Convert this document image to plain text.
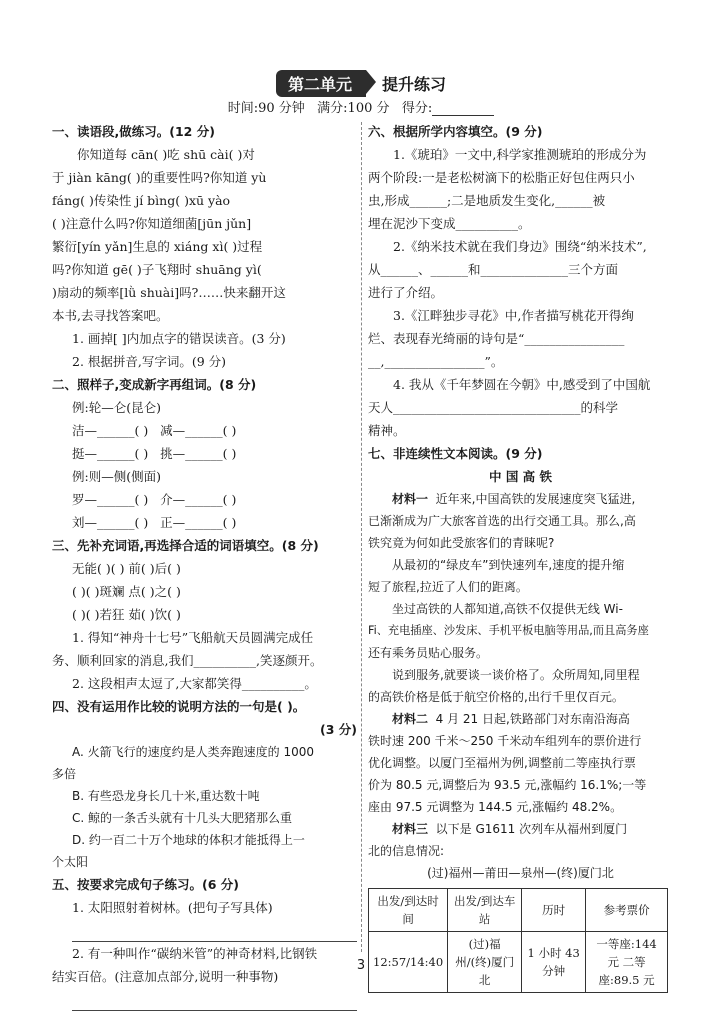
第二单元 提升练习
时间:90 分钟 满分:100 分 得分:
一、读语段,做练习。(12 分)
你知道每 cān( )吃 shū cài( )对
于 jiàn kāng( )的重要性吗?你知道 yù
fáng( )传染性 jí bìng( )xū yào
( )注意什么吗?你知道细菌[jūn jǔn]
繁衍[yín yǎn]生息的 xiáng xì( )过程
吗?你知道 gē( )子飞翔时 shuāng yì(
)扇动的频率[lǜ shuài]吗?……快来翻开这
本书,去寻找答案吧。
1. 画掉[ ]内加点字的错误读音。(3 分)
2. 根据拼音,写字词。(9 分)
二、照样子,变成新字再组词。(8 分)
例:轮—仑(昆仑)
洁—______( ) 减—______( )
挺—______( ) 挑—______( )
例:则—侧(侧面)
罗—______( ) 介—______( )
刘—______( ) 正—______( )
三、先补充词语,再选择合适的词语填空。(8 分)
无能( )( ) 前( )后( )
( )( )斑斓 点( )之( )
( )( )若狂 茹( )饮( )
1. 得知“神舟十七号”飞船航天员圆满完成任
务、顺利回家的消息,我们__________,笑逐颜开。
2. 这段相声太逗了,大家都笑得__________。
四、没有运用作比较的说明方法的一句是( )。
(3 分)
A. 火箭飞行的速度约是人类奔跑速度的 1000
多倍
B. 有些恐龙身长几十米,重达数十吨
C. 鲸的一条舌头就有十几头大肥猪那么重
D. 约一百二十万个地球的体积才能抵得上一
个太阳
五、按要求完成句子练习。(6 分)
1. 太阳照射着树林。(把句子写具体)
2. 有一种叫作“碳纳米管”的神奇材料,比钢铁
结实百倍。(注意加点部分,说明一种事物)
六、根据所学内容填空。(9 分)
1.《琥珀》一文中,科学家推测琥珀的形成分为
两个阶段:一是老松树滴下的松脂正好包住两只小
虫,形成______;二是地质发生变化,______被
埋在泥沙下变成__________。
2.《纳米技术就在我们身边》围绕“纳米技术”,
从______、______和______________三个方面
进行了介绍。
3.《江畔独步寻花》中,作者描写桃花开得绚
烂、表现春光绮丽的诗句是“________________
__,________________”。
4. 我从《千年梦圆在今朝》中,感受到了中国航
天人______________________________的科学
精神。
七、非连续性文本阅读。(9 分)
中 国 高 铁
材料一 近年来,中国高铁的发展速度突飞猛进,
已渐渐成为广大旅客首选的出行交通工具。那么,高
铁究竟为何如此受旅客们的青睐呢?
从最初的“绿皮车”到快速列车,速度的提升缩
短了旅程,拉近了人们的距离。
坐过高铁的人都知道,高铁不仅提供无线 Wi-
Fi、充电插座、沙发床、手机平板电脑等用品,而且高务座
还有乘务员贴心服务。
说到服务,就要谈一谈价格了。众所周知,同里程
的高铁价格是低于航空价格的,出行千里仅百元。
材料二 4 月 21 日起,铁路部门对东南沿海高
铁时速 200 千米～250 千米动车组列车的票价进行
优化调整。以厦门至福州为例,调整前二等座执行票
价为 80.5 元,调整后为 93.5 元,涨幅约 16.1%;一等
座由 97.5 元调整为 144.5 元,涨幅约 48.2%。
材料三 以下是 G1611 次列车从福州到厦门
北的信息情况:
(过)福州—莆田—泉州—(终)厦门北
出发/到达时间	出发/到达车站	历时	参考票价
12:57/14:40	(过)福州/(终)厦门北	1 小时 43 分钟	一等座:144 元 二等座:89.5 元
3
